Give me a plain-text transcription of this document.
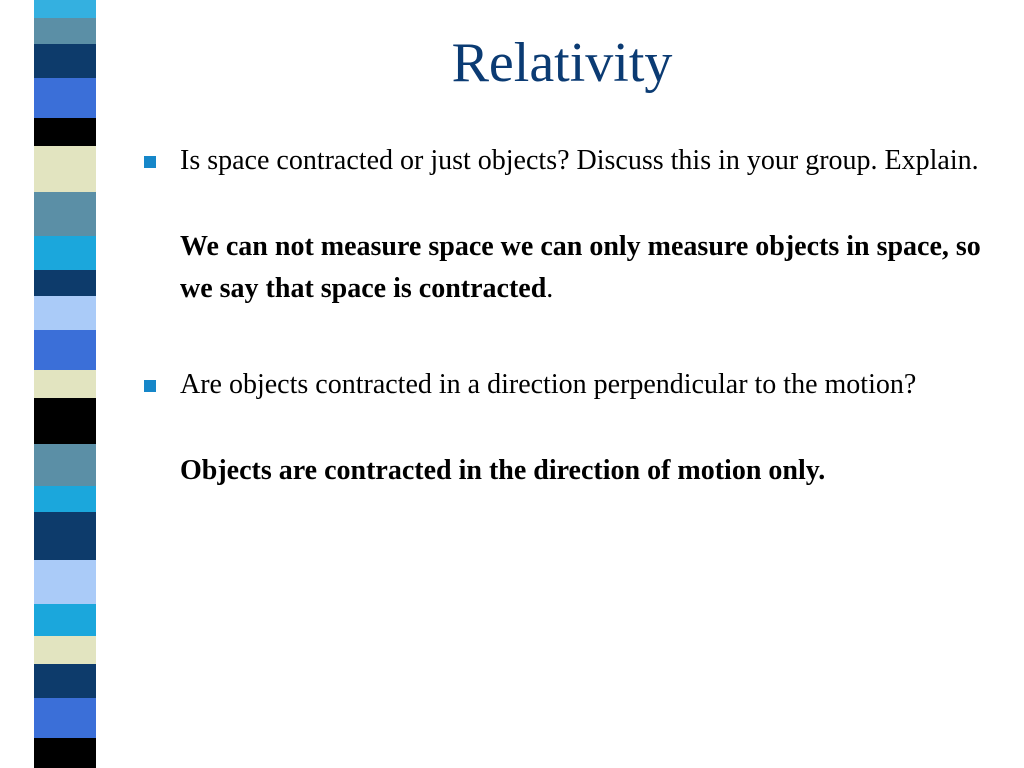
Relativity
Is space contracted or just objects? Discuss this in your group. Explain.
We can not measure space we can only measure objects in space, so we say that space is contracted.
Are objects contracted in a direction perpendicular to the motion?
Objects are contracted in the direction of motion only.
